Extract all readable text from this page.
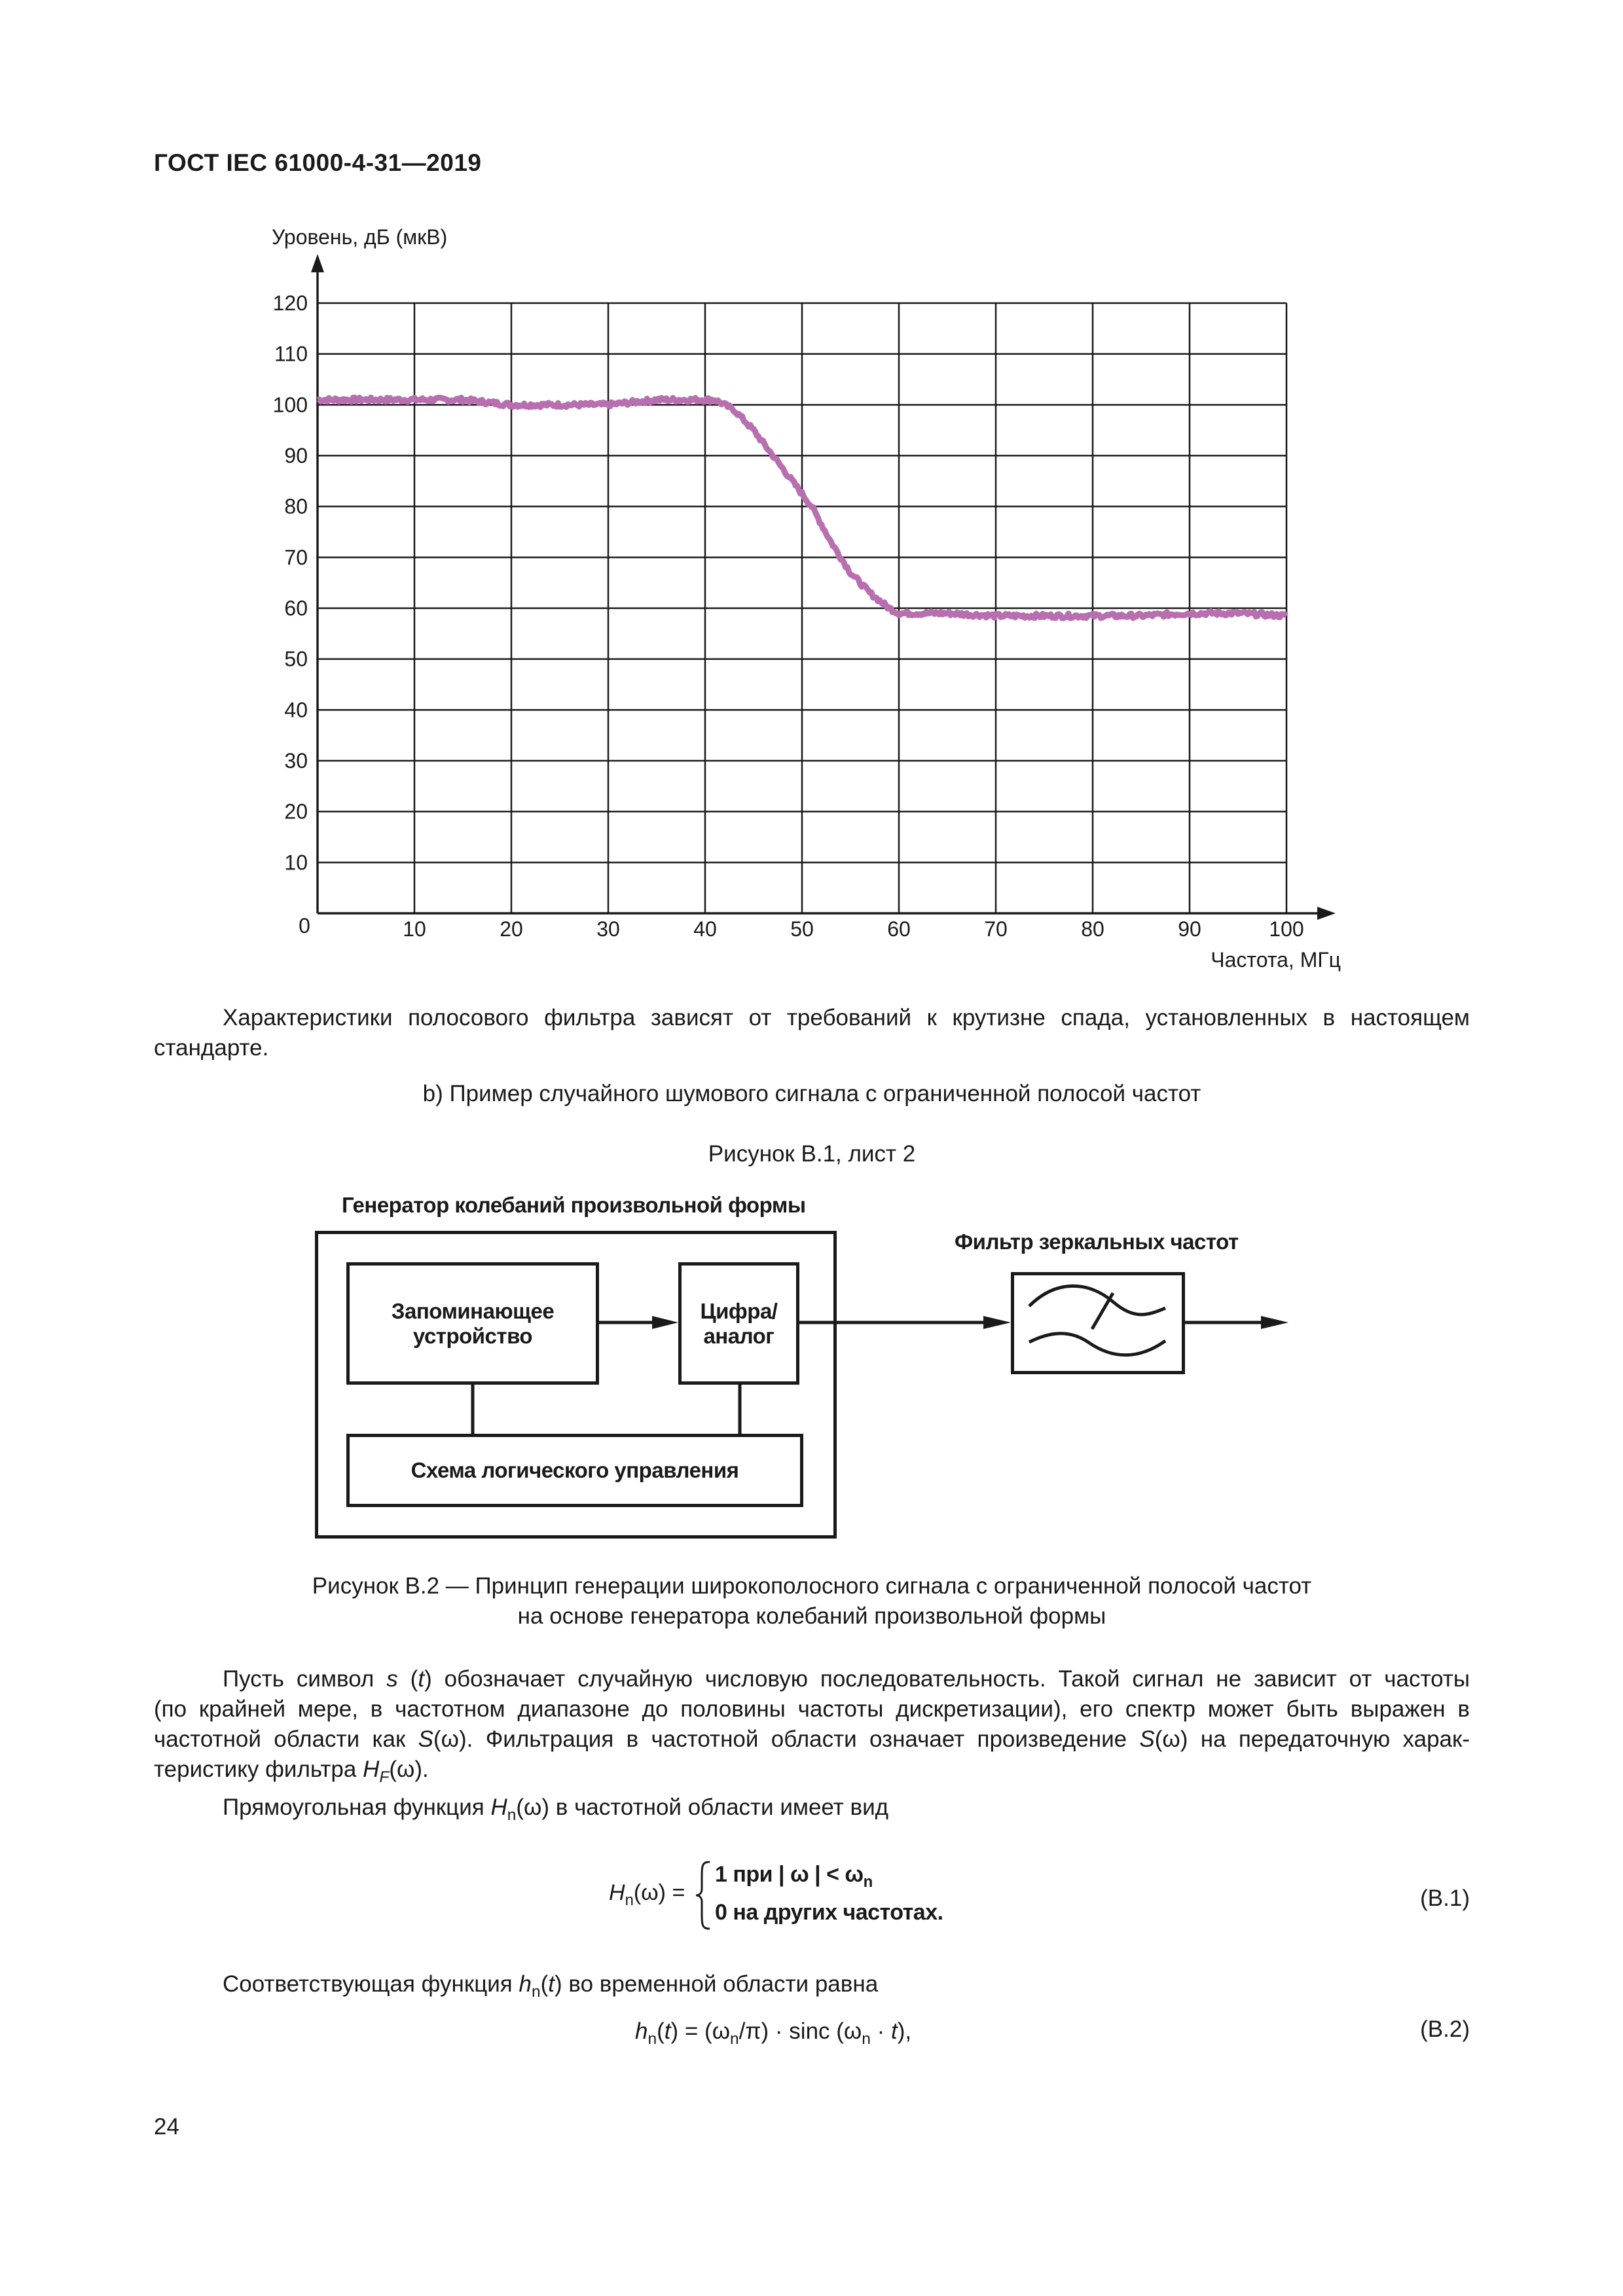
ГОСТ IEC 61000-4-31—2019
0	10	20	30	40	50	60	70	80	90	100
10
20
30
40
50
60
70
80
90
100
110
120
Уровень, дБ (мкВ)
Частота, МГц
Характеристики полосового фильтра зависят от требований к крутизне спада, установленных в настоящем стандарте.
b) Пример случайного шумового сигнала с ограниченной полосой частот
Рисунок В.1, лист 2
Генератор колебаний произвольной формы
Запоминающее устройство
Цифра/ аналог
Схема логического управления
Фильтр зеркальных частот
Рисунок В.2 — Принцип генерации широкополосного сигнала с ограниченной полосой частот
на основе генератора колебаний произвольной формы
Пусть символ s (t) обозначает случайную числовую последовательность. Такой сигнал не зависит от частоты
(по крайней мере, в частотном диапазоне до половины частоты дискретизации), его спектр может быть выражен в
частотной области как S(ω). Фильтрация в частотной области означает произведение S(ω) на передаточную харак-
теристику фильтра $H_F(\omega)$.
Прямоугольная функция $H_n(\omega)$ в частотной области имеет вид
$H_n(\omega)$ =
1 при | ω | < $\omega_n$
0 на других частотах.
(В.1)
Соответствующая функция $h_n(t)$ во временной области равна
$h_n(t) = (\omega_n/\pi) \cdot \sin c$ $(\omega_n \cdot t)$,	(В.2)
24
